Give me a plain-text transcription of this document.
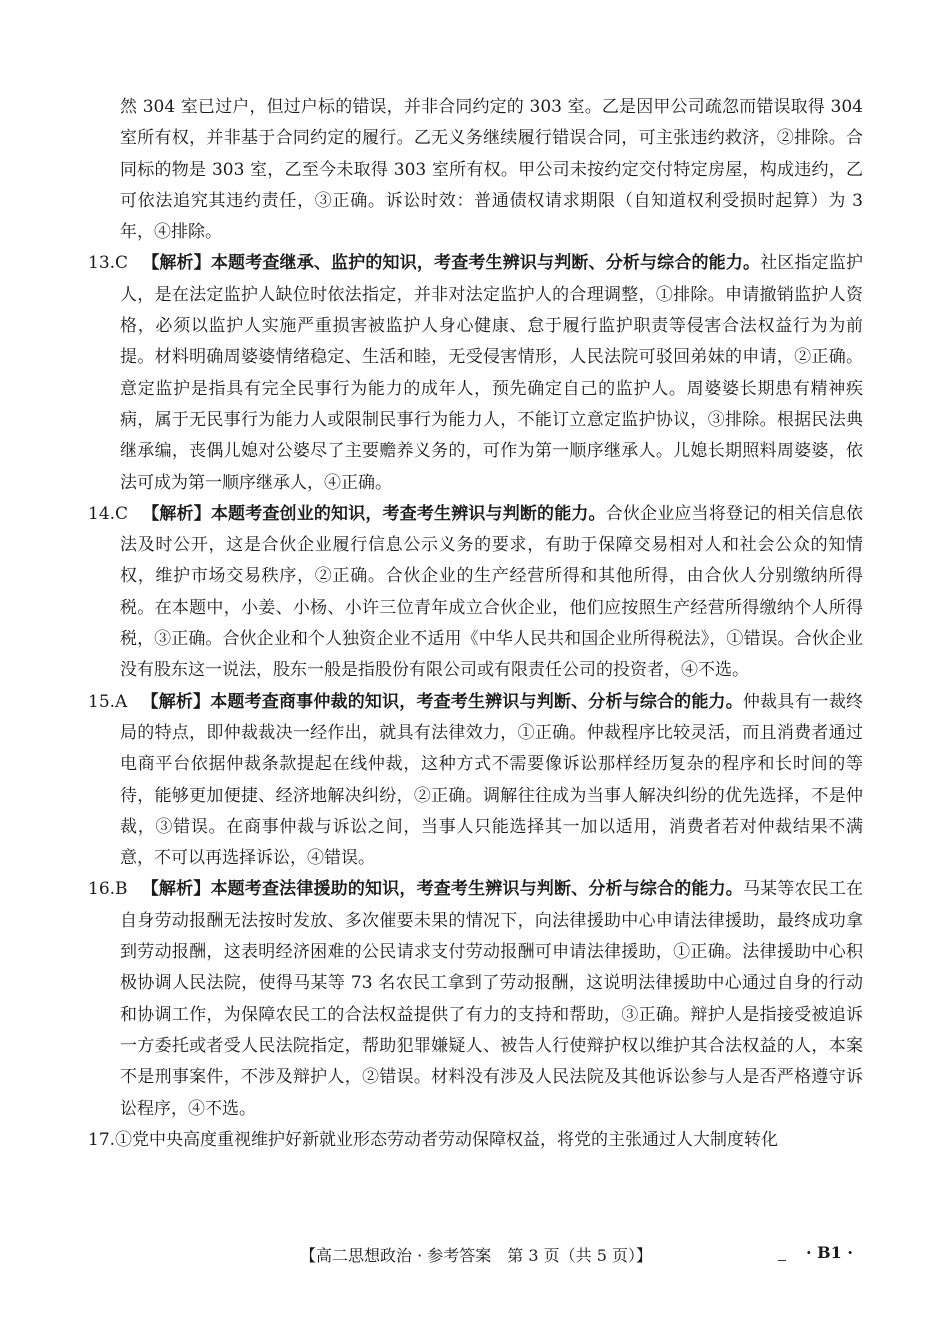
然 304 室已过户，但过户标的错误，并非合同约定的 303 室。乙是因甲公司疏忽而错误取得 304 室所有权，并非基于合同约定的履行。乙无义务继续履行错误合同，可主张违约救济，②排除。合同标的物是 303 室，乙至今未取得 303 室所有权。甲公司未按约定交付特定房屋，构成违约，乙可依法追究其违约责任，③正确。诉讼时效：普通债权请求期限（自知道权利受损时起算）为 3 年，④排除。

13.C 【解析】本题考查继承、监护的知识，考查考生辨识与判断、分析与综合的能力。社区指定监护人，是在法定监护人缺位时依法指定，并非对法定监护人的合理调整，①排除。申请撤销监护人资格，必须以监护人实施严重损害被监护人身心健康、怠于履行监护职责等侵害合法权益行为为前提。材料明确周婆婆情绪稳定、生活和睦，无受侵害情形，人民法院可驳回弟妹的申请，②正确。意定监护是指具有完全民事行为能力的成年人，预先确定自己的监护人。周婆婆长期患有精神疾病，属于无民事行为能力人或限制民事行为能力人，不能订立意定监护协议，③排除。根据民法典继承编，丧偶儿媳对公婆尽了主要赡养义务的，可作为第一顺序继承人。儿媳长期照料周婆婆，依法可成为第一顺序继承人，④正确。

14.C 【解析】本题考查创业的知识，考查考生辨识与判断的能力。合伙企业应当将登记的相关信息依法及时公开，这是合伙企业履行信息公示义务的要求，有助于保障交易相对人和社会公众的知情权，维护市场交易秩序，②正确。合伙企业的生产经营所得和其他所得，由合伙人分别缴纳所得税。在本题中，小姜、小杨、小许三位青年成立合伙企业，他们应按照生产经营所得缴纳个人所得税，③正确。合伙企业和个人独资企业不适用《中华人民共和国企业所得税法》，①错误。合伙企业没有股东这一说法，股东一般是指股份有限公司或有限责任公司的投资者，④不选。

15.A 【解析】本题考查商事仲裁的知识，考查考生辨识与判断、分析与综合的能力。仲裁具有一裁终局的特点，即仲裁裁决一经作出，就具有法律效力，①正确。仲裁程序比较灵活，而且消费者通过电商平台依据仲裁条款提起在线仲裁，这种方式不需要像诉讼那样经历复杂的程序和长时间的等待，能够更加便捷、经济地解决纠纷，②正确。调解往往成为当事人解决纠纷的优先选择，不是仲裁，③错误。在商事仲裁与诉讼之间，当事人只能选择其一加以适用，消费者若对仲裁结果不满意，不可以再选择诉讼，④错误。

16.B 【解析】本题考查法律援助的知识，考查考生辨识与判断、分析与综合的能力。马某等农民工在自身劳动报酬无法按时发放、多次催要未果的情况下，向法律援助中心申请法律援助，最终成功拿到劳动报酬，这表明经济困难的公民请求支付劳动报酬可申请法律援助，①正确。法律援助中心积极协调人民法院，使得马某等 73 名农民工拿到了劳动报酬，这说明法律援助中心通过自身的行动和协调工作，为保障农民工的合法权益提供了有力的支持和帮助，③正确。辩护人是指接受被追诉一方委托或者受人民法院指定，帮助犯罪嫌疑人、被告人行使辩护权以维护其合法权益的人，本案不是刑事案件，不涉及辩护人，②错误。材料没有涉及人民法院及其他诉讼参与人是否严格遵守诉讼程序，④不选。

17.①党中央高度重视维护好新就业形态劳动者劳动保障权益，将党的主张通过人大制度转化

【高二思想政治 · 参考答案　第 3 页（共 5 页）】	· B1 ·
